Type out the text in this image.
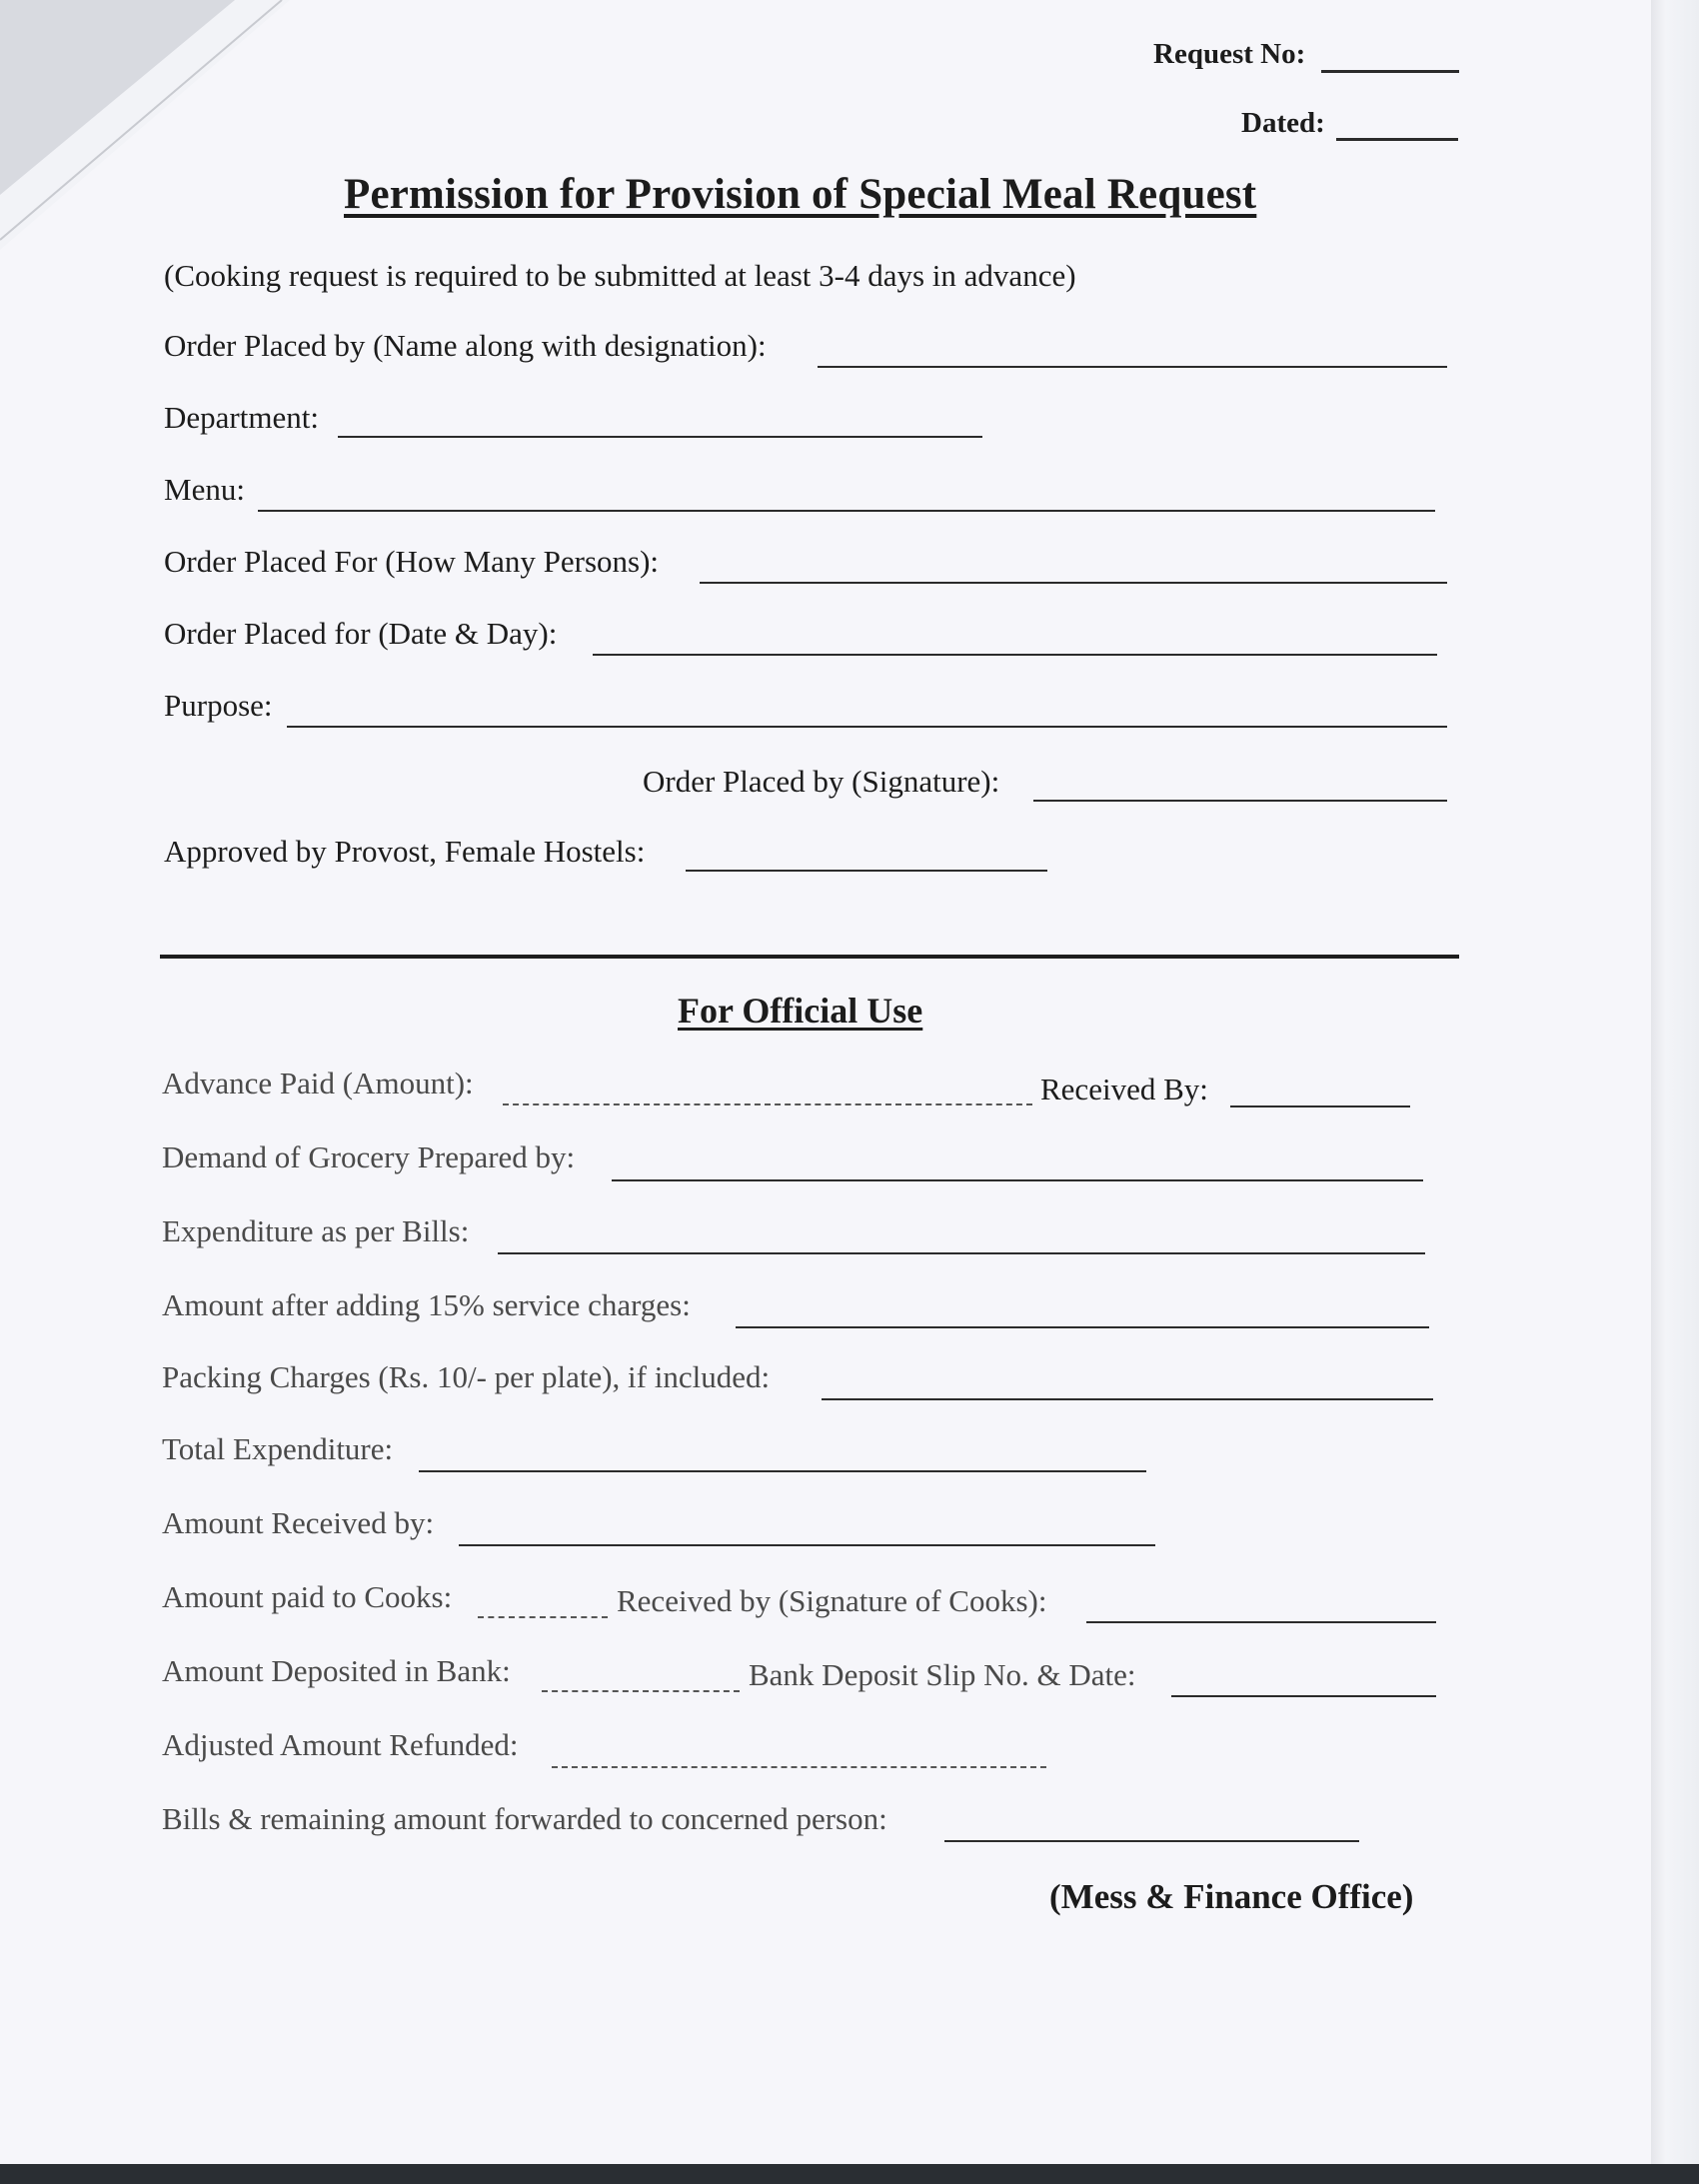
Request No:
Dated:
Permission for Provision of Special Meal Request
(Cooking request is required to be submitted at least 3-4 days in advance)
Order Placed by (Name along with designation):
Department:
Menu:
Order Placed For (How Many Persons):
Order Placed for (Date & Day):
Purpose:
Order Placed by (Signature):
Approved by Provost, Female Hostels:
For Official Use
Advance Paid (Amount):	Received By:
Demand of Grocery Prepared by:
Expenditure as per Bills:
Amount after adding 15% service charges:
Packing Charges (Rs. 10/- per plate), if included:
Total Expenditure:
Amount Received by:
Amount paid to Cooks:	Received by (Signature of Cooks):
Amount Deposited in Bank:	Bank Deposit Slip No. & Date:
Adjusted Amount Refunded:
Bills & remaining amount forwarded to concerned person:
(Mess & Finance Office)
